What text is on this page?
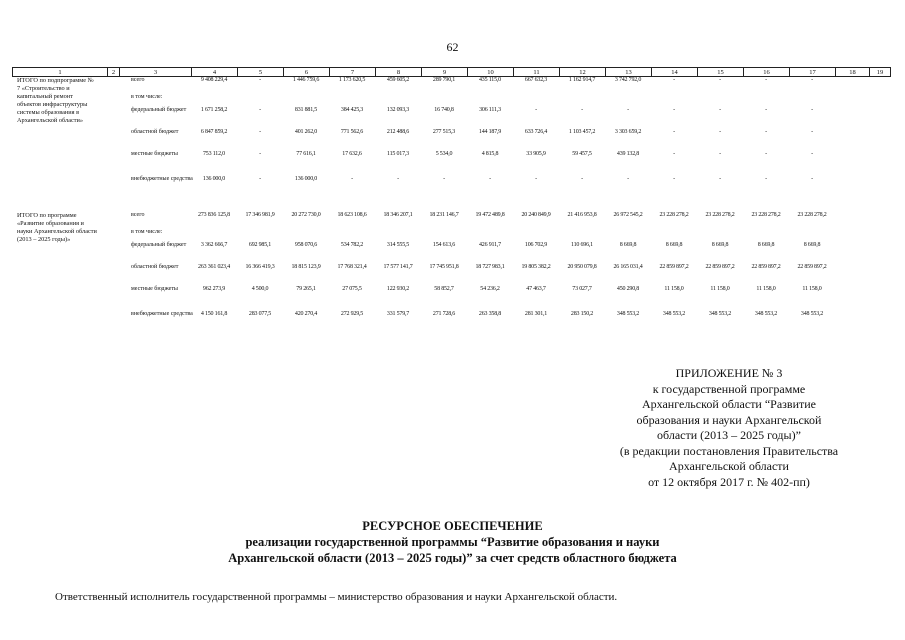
62
1	2	3	4	5	6	7	8	9	10	11	12	13	14	15	16	17	18	19
ИТОГО по подпрограмме № 7 «Строительство и капитальный ремонт объектов инфраструктуры системы образования в Архангельской области»
всего	9 408 229,4	-	1 446 759,6	1 173 620,5	459 605,2	289 790,1	435 115,0	667 632,3	1 162 914,7	3 742 792,0	-	-	-	-
в том числе:
федеральный бюджет	1 671 258,2	-	831 881,5	384 425,3	132 093,3	16 740,8	306 111,3	-	-	-	-	-	-	-
областной бюджет	6 847 859,2	-	401 262,0	771 562,6	212 488,6	277 515,3	144 187,9	633 726,4	1 103 457,2	3 303 659,2	-	-	-	-
местные бюджеты	753 112,0	-	77 616,1	17 632,6	115 017,3	5 534,0	4 815,8	33 905,9	59 457,5	439 132,8	-	-	-	-
внебюджетные средства	136 000,0	-	136 000,0	-	-	-	-	-	-	-	-	-	-	-
ИТОГО по программе «Развитие образования и науки Архангельской области (2013 – 2025 годы)»
всего	273 836 125,8	17 346 981,9	20 272 730,0	18 623 108,6	18 346 207,1	18 231 146,7	19 472 489,8	20 240 849,9	21 416 953,8	26 972 545,2	23 228 278,2	23 228 278,2	23 228 278,2	23 228 278,2
в том числе:
федеральный бюджет	3 362 666,7	692 985,1	958 070,6	534 782,2	314 555,5	154 613,6	426 911,7	106 702,9	110 696,1	8 669,8	8 669,8	8 669,8	8 669,8	8 669,8
областной бюджет	263 361 023,4	16 366 419,3	18 815 123,9	17 768 321,4	17 577 141,7	17 745 951,8	18 727 983,1	19 805 382,2	20 950 079,8	26 165 031,4	22 859 897,2	22 859 897,2	22 859 897,2	22 859 897,2
местные бюджеты	962 273,9	4 500,0	79 265,1	27 075,5	122 930,2	58 852,7	54 236,2	47 463,7	73 027,7	450 290,8	11 158,0	11 158,0	11 158,0	11 158,0
внебюджетные средства	4 150 161,8	283 077,5	420 270,4	272 929,5	331 579,7	271 728,6	263 358,8	281 301,1	283 150,2	348 553,2	348 553,2	348 553,2	348 553,2	348 553,2
ПРИЛОЖЕНИЕ № 3
к государственной программе
Архангельской области “Развитие
образования и науки Архангельской
области (2013 – 2025 годы)”
(в редакции постановления Правительства
Архангельской области
от 12 октября 2017 г. № 402-пп)
РЕСУРСНОЕ ОБЕСПЕЧЕНИЕ
реализации государственной программы “Развитие образования и науки
Архангельской области (2013 – 2025 годы)” за счет средств областного бюджета
Ответственный исполнитель государственной программы – министерство образования и науки Архангельской области.
